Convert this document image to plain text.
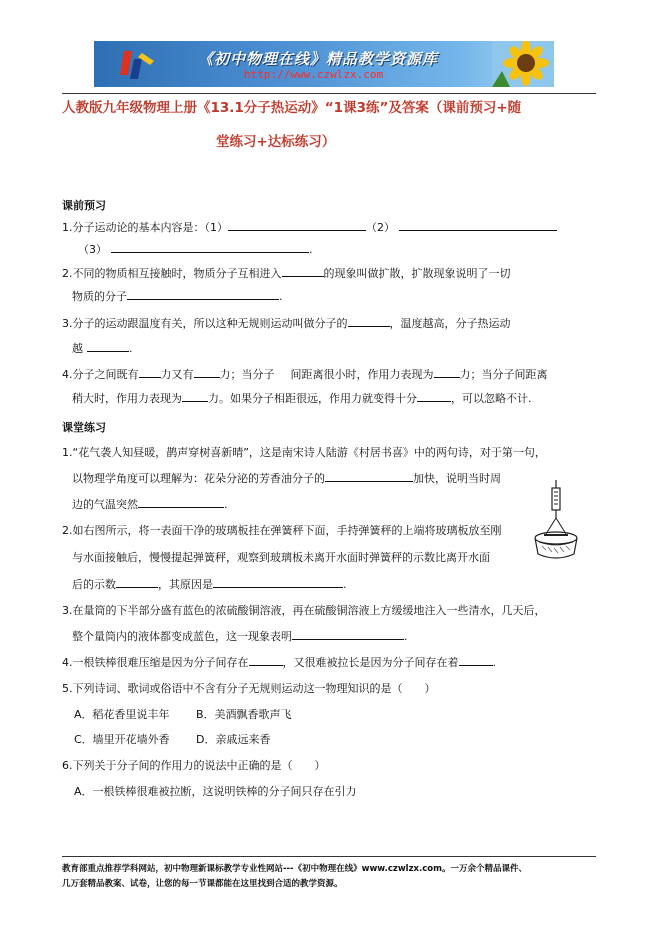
《初中物理在线》精品教学资源库
http://www.czwlzx.com
人教版九年级物理上册《13.1分子热运动》“1课3练”及答案（课前预习+随
堂练习+达标练习）
课前预习
1.分子运动论的基本内容是：（1）	（2）
（3）	.
2.不同的物质相互接触时，物质分子互相进入	的现象叫做扩散，扩散现象说明了一切
物质的分子	.
3.分子的运动跟温度有关，所以这种无规则运动叫做分子的	，温度越高，分子热运动
越	.
4.分子之间既有 力又有 力；当分子 间距离很小时，作用力表现为 力；当分子间距离
稍大时，作用力表现为 力。如果分子相距很远，作用力就变得十分	，可以忽略不计.
课堂练习
1.“花气袭人知昼暖，鹊声穿树喜新晴”，这是南宋诗人陆游《村居书喜》中的两句诗，对于第一句，
以物理学角度可以理解为：花朵分泌的芳香油分子的	加快，说明当时周
边的气温突然	.
2.如右图所示，将一表面干净的玻璃板挂在弹簧秤下面，手持弹簧秤的上端将玻璃板放至刚
与水面接触后，慢慢提起弹簧秤，观察到玻璃板未离开水面时弹簧秤的示数比离开水面
后的示数	，其原因是	.
3.在量筒的下半部分盛有蓝色的浓硫酸铜溶液，再在硫酸铜溶液上方缓缓地注入一些清水，几天后，
整个量筒内的液体都变成蓝色，这一现象表明	.
4.一根铁棒很难压缩是因为分子间存在	，又很难被拉长是因为分子间存在着	.
5.下列诗词、歌词或俗语中不含有分子无规则运动这一物理知识的是（　　）
A．稻花香里说丰年 B．美酒飘香歌声飞
C．墙里开花墙外香 D．亲戚远来香
6.下列关于分子间的作用力的说法中正确的是（　　）
A．一根铁棒很难被拉断，这说明铁棒的分子间只存在引力
教育部重点推荐学科网站，初中物理新课标教学专业性网站---《初中物理在线》www.czwlzx.com。一万余个精品课件、
几万套精品教案、试卷，让您的每一节课都能在这里找到合适的教学资源。
